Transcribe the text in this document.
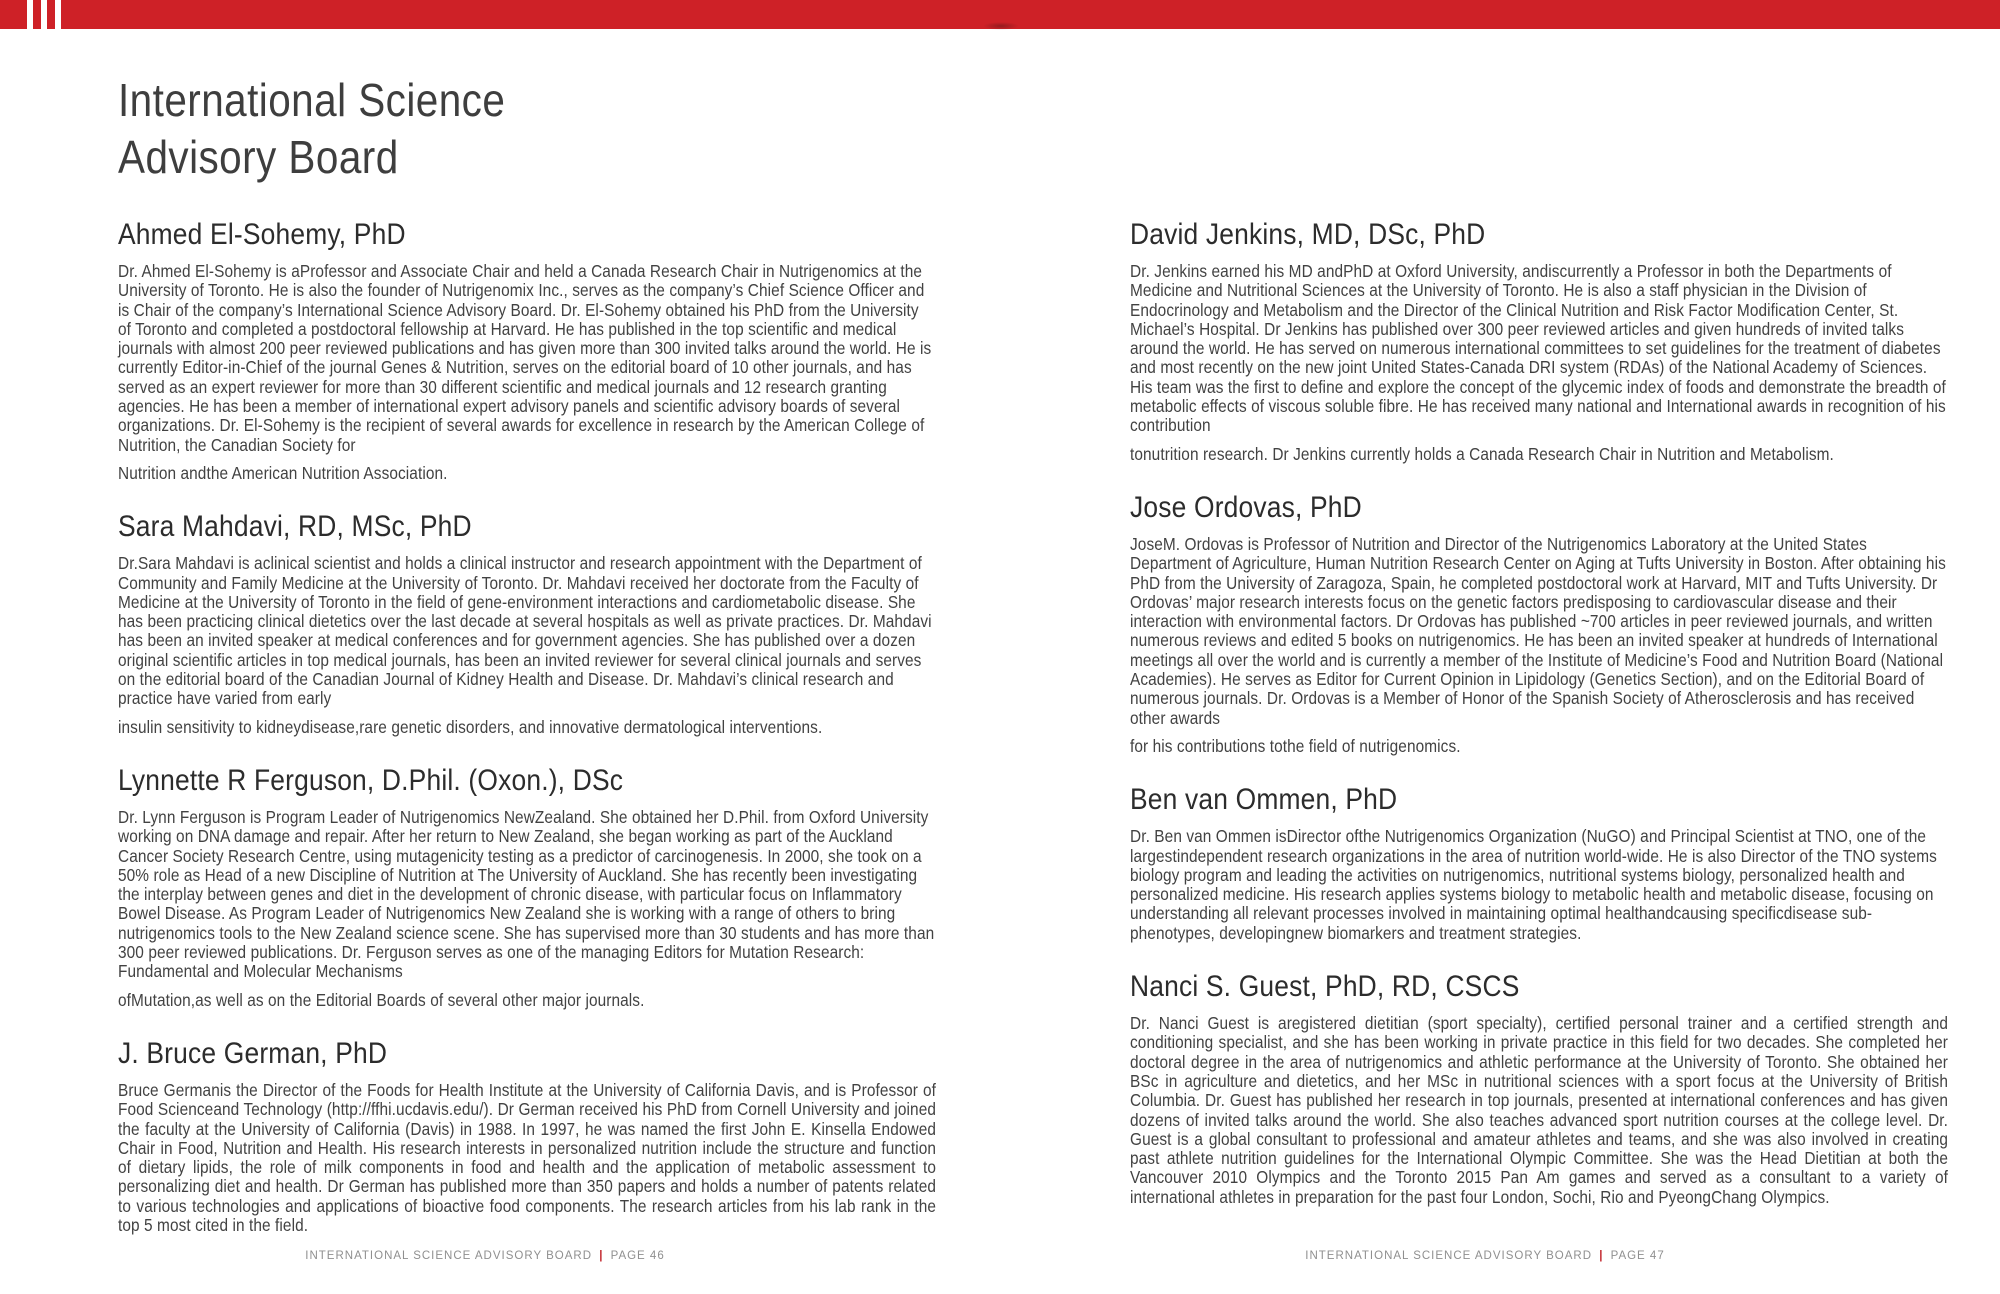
International Science
Advisory Board
Ahmed El-Sohemy, PhD

Dr. Ahmed El-Sohemy is aProfessor and Associate Chair and held a Canada Research Chair in Nutrigenomics at the University of Toronto. He is also the founder of Nutrigenomix Inc., serves as the company’s Chief Science Officer and is Chair of the company’s International Science Advisory Board. Dr. El-Sohemy obtained his PhD from the University of Toronto and completed a postdoctoral fellowship at Harvard. He has published in the top scientific and medical journals with almost 200 peer reviewed publications and has given more than 300 invited talks around the world. He is currently Editor-in-Chief of the journal Genes & Nutrition, serves on the editorial board of 10 other journals, and has served as an expert reviewer for more than 30 different scientific and medical journals and 12 research granting agencies. He has been a member of international expert advisory panels and scientific advisory boards of several organizations. Dr. El-Sohemy is the recipient of several awards for excellence in research by the American College of Nutrition, the Canadian Society for

Nutrition andthe American Nutrition Association.

Sara Mahdavi, RD, MSc, PhD

Dr.Sara Mahdavi is aclinical scientist and holds a clinical instructor and research appointment with the Department of Community and Family Medicine at the University of Toronto. Dr. Mahdavi received her doctorate from the Faculty of Medicine at the University of Toronto in the field of gene-environment interactions and cardiometabolic disease. She has been practicing clinical dietetics over the last decade at several hospitals as well as private practices. Dr. Mahdavi has been an invited speaker at medical conferences and for government agencies. She has published over a dozen original scientific articles in top medical journals, has been an invited reviewer for several clinical journals and serves on the editorial board of the Canadian Journal of Kidney Health and Disease. Dr. Mahdavi’s clinical research and practice have varied from early

insulin sensitivity to kidneydisease,rare genetic disorders, and innovative dermatological interventions.

Lynnette R Ferguson, D.Phil. (Oxon.), DSc

Dr. Lynn Ferguson is Program Leader of Nutrigenomics NewZealand. She obtained her D.Phil. from Oxford University working on DNA damage and repair. After her return to New Zealand, she began working as part of the Auckland Cancer Society Research Centre, using mutagenicity testing as a predictor of carcinogenesis. In 2000, she took on a 50% role as Head of a new Discipline of Nutrition at The University of Auckland. She has recently been investigating the interplay between genes and diet in the development of chronic disease, with particular focus on Inflammatory Bowel Disease. As Program Leader of Nutrigenomics New Zealand she is working with a range of others to bring nutrigenomics tools to the New Zealand science scene. She has supervised more than 30 students and has more than 300 peer reviewed publications. Dr. Ferguson serves as one of the managing Editors for Mutation Research: Fundamental and Molecular Mechanisms

ofMutation,as well as on the Editorial Boards of several other major journals.

J. Bruce German, PhD

Bruce Germanis the Director of the Foods for Health Institute at the University of California Davis, and is Professor of Food Scienceand Technology (http://ffhi.ucdavis.edu/). Dr German received his PhD from Cornell University and joined the faculty at the University of California (Davis) in 1988. In 1997, he was named the first John E. Kinsella Endowed Chair in Food, Nutrition and Health. His research interests in personalized nutrition include the structure and function of dietary lipids, the role of milk components in food and health and the application of metabolic assessment to personalizing diet and health. Dr German has published more than 350 papers and holds a number of patents related to various technologies and applications of bioactive food components. The research articles from his lab rank in the top 5 most cited in the field.

David Jenkins, MD, DSc, PhD

Dr. Jenkins earned his MD andPhD at Oxford University, andiscurrently a Professor in both the Departments of Medicine and Nutritional Sciences at the University of Toronto. He is also a staff physician in the Division of Endocrinology and Metabolism and the Director of the Clinical Nutrition and Risk Factor Modification Center, St. Michael’s Hospital. Dr Jenkins has published over 300 peer reviewed articles and given hundreds of invited talks around the world. He has served on numerous international committees to set guidelines for the treatment of diabetes and most recently on the new joint United States-Canada DRI system (RDAs) of the National Academy of Sciences. His team was the first to define and explore the concept of the glycemic index of foods and demonstrate the breadth of metabolic effects of viscous soluble fibre. He has received many national and International awards in recognition of his contribution

tonutrition research. Dr Jenkins currently holds a Canada Research Chair in Nutrition and Metabolism.

Jose Ordovas, PhD

JoseM. Ordovas is Professor of Nutrition and Director of the Nutrigenomics Laboratory at the United States Department of Agriculture, Human Nutrition Research Center on Aging at Tufts University in Boston. After obtaining his PhD from the University of Zaragoza, Spain, he completed postdoctoral work at Harvard, MIT and Tufts University. Dr Ordovas’ major research interests focus on the genetic factors predisposing to cardiovascular disease and their interaction with environmental factors. Dr Ordovas has published ~700 articles in peer reviewed journals, and written numerous reviews and edited 5 books on nutrigenomics. He has been an invited speaker at hundreds of International meetings all over the world and is currently a member of the Institute of Medicine’s Food and Nutrition Board (National Academies). He serves as Editor for Current Opinion in Lipidology (Genetics Section), and on the Editorial Board of numerous journals. Dr. Ordovas is a Member of Honor of the Spanish Society of Atherosclerosis and has received other awards

for his contributions tothe field of nutrigenomics.

Ben van Ommen, PhD

Dr. Ben van Ommen isDirector ofthe Nutrigenomics Organization (NuGO) and Principal Scientist at TNO, one of the largestindependent research organizations in the area of nutrition world-wide. He is also Director of the TNO systems biology program and leading the activities on nutrigenomics, nutritional systems biology, personalized health and personalized medicine. His research applies systems biology to metabolic health and metabolic disease, focusing on understanding all relevant processes involved in maintaining optimal healthandcausing specificdisease sub-phenotypes, developingnew biomarkers and treatment strategies.

Nanci S. Guest, PhD, RD, CSCS

Dr. Nanci Guest is aregistered dietitian (sport specialty), certified personal trainer and a certified strength and conditioning specialist, and she has been working in private practice in this field for two decades. She completed her doctoral degree in the area of nutrigenomics and athletic performance at the University of Toronto. She obtained her BSc in agriculture and dietetics, and her MSc in nutritional sciences with a sport focus at the University of British Columbia. Dr. Guest has published her research in top journals, presented at international conferences and has given dozens of invited talks around the world. She also teaches advanced sport nutrition courses at the college level. Dr. Guest is a global consultant to professional and amateur athletes and teams, and she was also involved in creating past athlete nutrition guidelines for the International Olympic Committee. She was the Head Dietitian at both the Vancouver 2010 Olympics and the Toronto 2015 Pan Am games and served as a consultant to a variety of international athletes in preparation for the past four London, Sochi, Rio and PyeongChang Olympics.

INTERNATIONAL SCIENCE ADVISORY BOARD | PAGE 46	INTERNATIONAL SCIENCE ADVISORY BOARD | PAGE 47
